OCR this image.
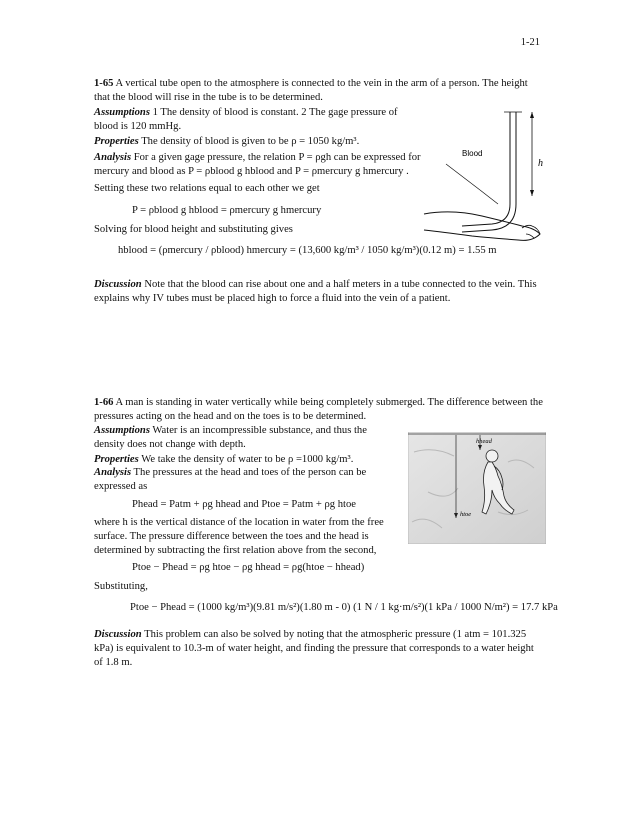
1-21

1-65 A vertical tube open to the atmosphere is connected to the vein in the arm of a person. The height that the blood will rise in the tube is to be determined.

Assumptions 1 The density of blood is constant. 2 The gage pressure of blood is 120 mmHg.

Properties The density of blood is given to be ρ = 1050 kg/m³.

Analysis For a given gage pressure, the relation P = ρgh can be expressed for mercury and blood as P = ρblood g hblood and P = ρmercury g hmercury .

Setting these two relations equal to each other we get

P = ρblood g hblood = ρmercury g hmercury

Solving for blood height and substituting gives

hblood = (ρmercury / ρblood) hmercury = (13,600 kg/m³ / 1050 kg/m³)(0.12 m) = 1.55 m

Discussion Note that the blood can rise about one and a half meters in a tube connected to the vein. This explains why IV tubes must be placed high to force a fluid into the vein of a patient.

Blood
h

1-66 A man is standing in water vertically while being completely submerged. The difference between the pressures acting on the head and on the toes is to be determined.

Assumptions Water is an incompressible substance, and thus the density does not change with depth.

Properties We take the density of water to be ρ =1000 kg/m³.

Analysis The pressures at the head and toes of the person can be expressed as

Phead = Patm + ρg hhead and Ptoe = Patm + ρg htoe

where h is the vertical distance of the location in water from the free surface. The pressure difference between the toes and the head is determined by subtracting the first relation above from the second,

Ptoe − Phead = ρg htoe − ρg hhead = ρg(htoe − hhead)

Substituting,

Ptoe − Phead = (1000 kg/m³)(9.81 m/s²)(1.80 m - 0) (1 N / 1 kg·m/s²)(1 kPa / 1000 N/m²) = 17.7 kPa

Discussion This problem can also be solved by noting that the atmospheric pressure (1 atm = 101.325 kPa) is equivalent to 10.3-m of water height, and finding the pressure that corresponds to a water height of 1.8 m.

hhead
htoe
